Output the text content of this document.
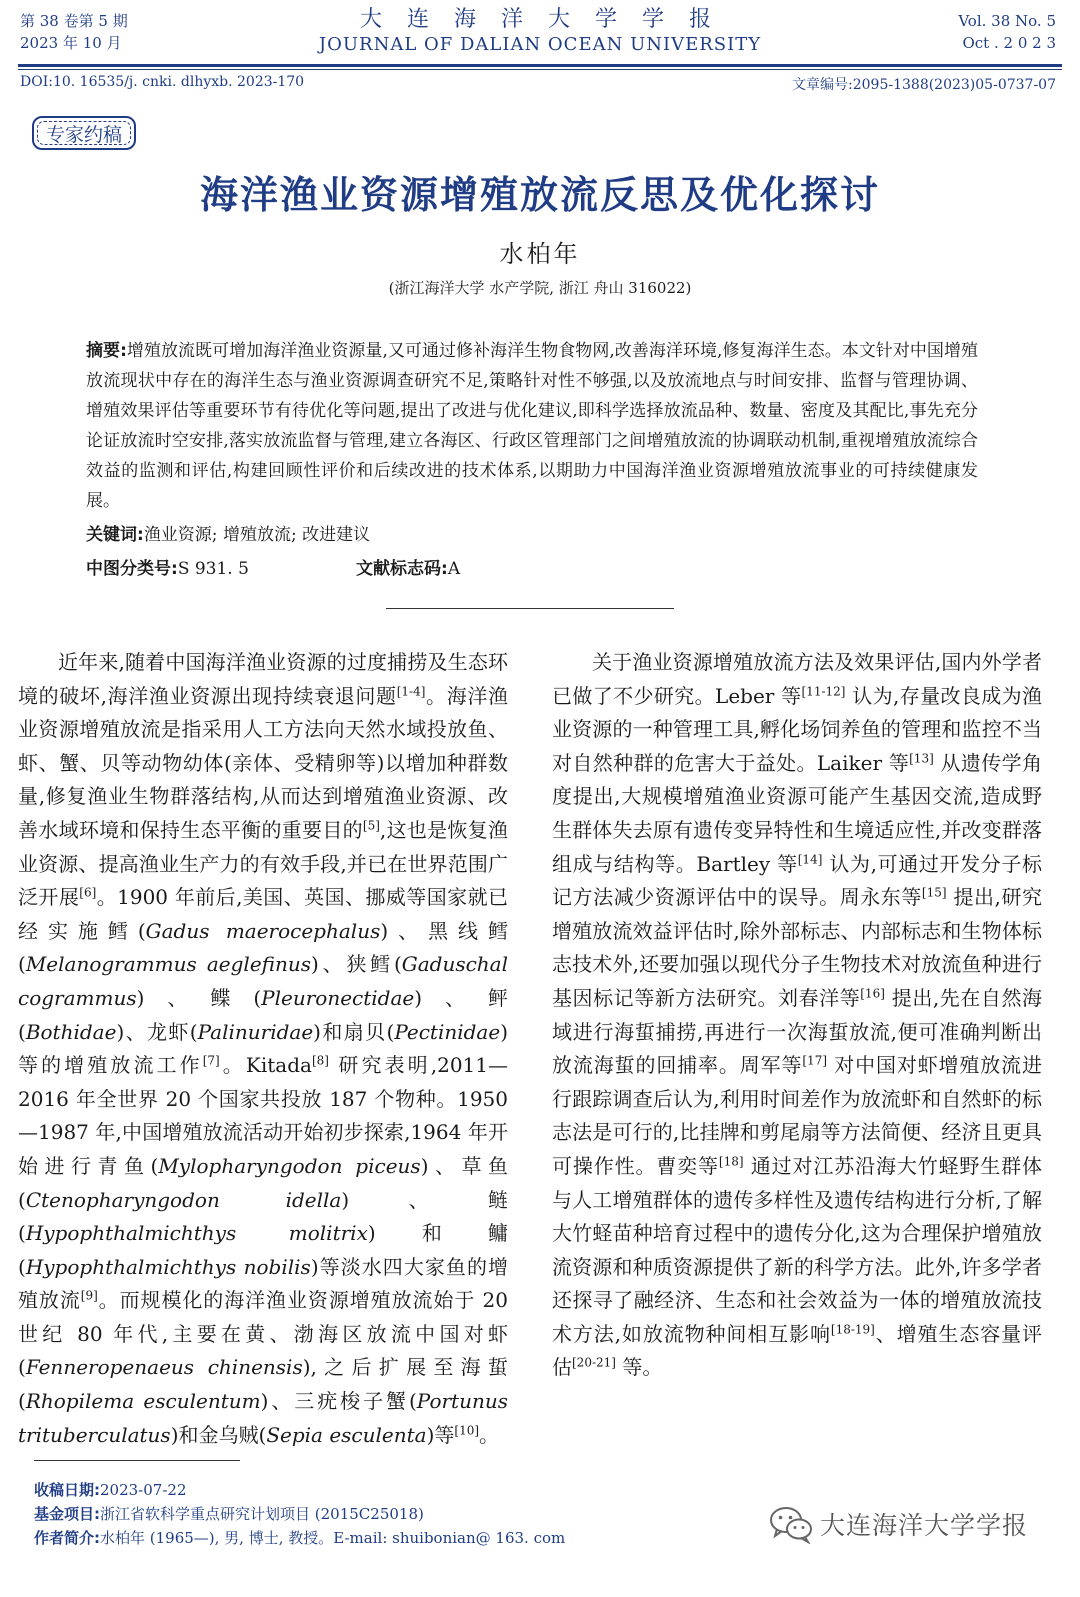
第 38 卷第 5 期
2023 年 10 月
大 连 海 洋 大 学 学 报
JOURNAL OF DALIAN OCEAN UNIVERSITY
Vol. 38 No. 5
Oct . 2 0 2 3
DOI:10. 16535/j. cnki. dlhyxb. 2023-170	文章编号:2095-1388(2023)05-0737-07
专家约稿
海洋渔业资源增殖放流反思及优化探讨
水柏年
(浙江海洋大学 水产学院, 浙江 舟山 316022)
摘要:增殖放流既可增加海洋渔业资源量,又可通过修补海洋生物食物网,改善海洋环境,修复海洋生态。本文针对中国增殖放流现状中存在的海洋生态与渔业资源调查研究不足,策略针对性不够强,以及放流地点与时间安排、监督与管理协调、增殖效果评估等重要环节有待优化等问题,提出了改进与优化建议,即科学选择放流品种、数量、密度及其配比,事先充分论证放流时空安排,落实放流监督与管理,建立各海区、行政区管理部门之间增殖放流的协调联动机制,重视增殖放流综合效益的监测和评估,构建回顾性评价和后续改进的技术体系,以期助力中国海洋渔业资源增殖放流事业的可持续健康发展。
关键词:渔业资源; 增殖放流; 改进建议
中图分类号:S 931. 5	文献标志码:A

近年来,随着中国海洋渔业资源的过度捕捞及生态环境的破坏,海洋渔业资源出现持续衰退问题[1-4]。海洋渔业资源增殖放流是指采用人工方法向天然水域投放鱼、虾、蟹、贝等动物幼体(亲体、受精卵等)以增加种群数量,修复渔业生物群落结构,从而达到增殖渔业资源、改善水域环境和保持生态平衡的重要目的[5],这也是恢复渔业资源、提高渔业生产力的有效手段,并已在世界范围广泛开展[6]。1900 年前后,美国、英国、挪威等国家就已经实施鳕(Gadus maerocephalus)、黑线鳕(Melanogrammus aeglefinus)、狭鳕(Gaduschal cogrammus)、鲽(Pleuronectidae)、鲆(Bothidae)、龙虾(Palinuridae)和扇贝(Pectinidae)等的增殖放流工作[7]。Kitada[8] 研究表明,2011—2016 年全世界 20 个国家共投放 187 个物种。1950—1987 年,中国增殖放流活动开始初步探索,1964 年开始进行青鱼(Mylopharyngodon piceus)、草鱼(Ctenopharyngodon idella)、鲢(Hypophthalmichthys molitrix)和鳙(Hypophthalmichthys nobilis)等淡水四大家鱼的增殖放流[9]。而规模化的海洋渔业资源增殖放流始于 20 世纪 80 年代,主要在黄、渤海区放流中国对虾(Fenneropenaeus chinensis),之后扩展至海蜇(Rhopilema esculentum)、三疣梭子蟹(Portunus trituberculatus)和金乌贼(Sepia esculenta)等[10]。

关于渔业资源增殖放流方法及效果评估,国内外学者已做了不少研究。Leber 等[11-12] 认为,存量改良成为渔业资源的一种管理工具,孵化场饲养鱼的管理和监控不当对自然种群的危害大于益处。Laiker 等[13] 从遗传学角度提出,大规模增殖渔业资源可能产生基因交流,造成野生群体失去原有遗传变异特性和生境适应性,并改变群落组成与结构等。Bartley 等[14] 认为,可通过开发分子标记方法减少资源评估中的误导。周永东等[15] 提出,研究增殖放流效益评估时,除外部标志、内部标志和生物体标志技术外,还要加强以现代分子生物技术对放流鱼种进行基因标记等新方法研究。刘春洋等[16] 提出,先在自然海域进行海蜇捕捞,再进行一次海蜇放流,便可准确判断出放流海蜇的回捕率。周军等[17] 对中国对虾增殖放流进行跟踪调查后认为,利用时间差作为放流虾和自然虾的标志法是可行的,比挂牌和剪尾扇等方法简便、经济且更具可操作性。曹奕等[18] 通过对江苏沿海大竹蛏野生群体与人工增殖群体的遗传多样性及遗传结构进行分析,了解大竹蛏苗种培育过程中的遗传分化,这为合理保护增殖放流资源和种质资源提供了新的科学方法。此外,许多学者还探寻了融经济、生态和社会效益为一体的增殖放流技术方法,如放流物种间相互影响[18-19]、增殖生态容量评估[20-21] 等。

收稿日期:2023-07-22
基金项目:浙江省软科学重点研究计划项目 (2015C25018)
作者简介:水柏年 (1965—), 男, 博士, 教授。E-mail: shuibonian@ 163. com	大连海洋大学学报
